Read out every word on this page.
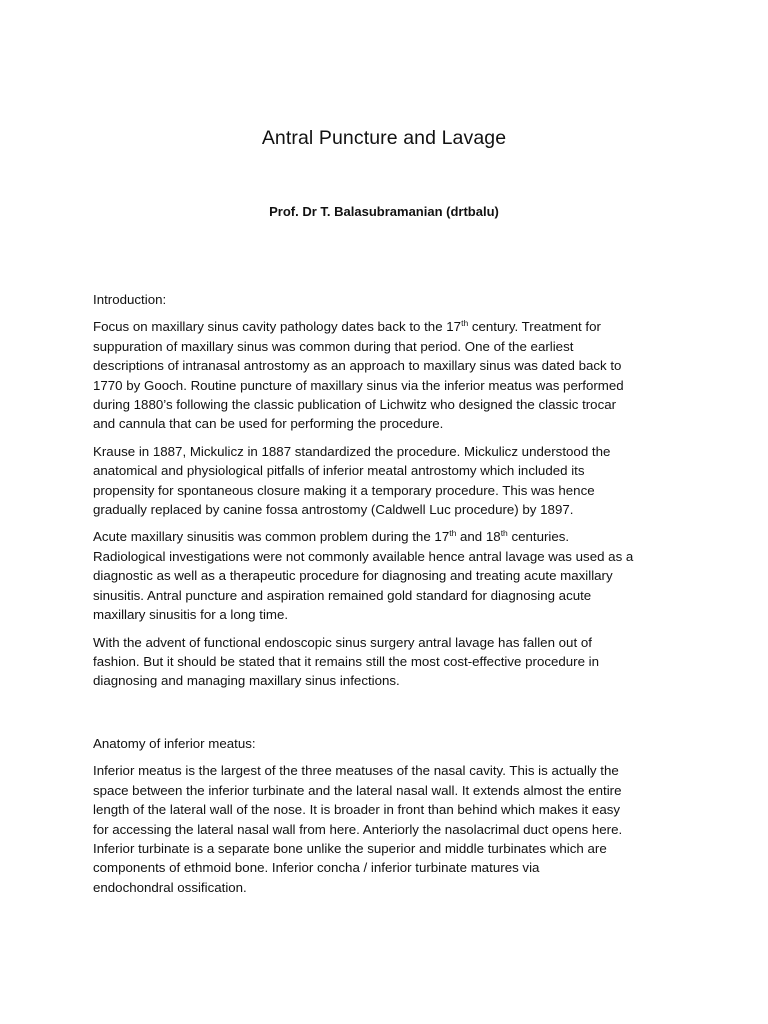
Antral Puncture and Lavage
Prof. Dr T. Balasubramanian (drtbalu)

Introduction:

Focus on maxillary sinus cavity pathology dates back to the 17th century. Treatment for
suppuration of maxillary sinus was common during that period. One of the earliest
descriptions of intranasal antrostomy as an approach to maxillary sinus was dated back to
1770 by Gooch. Routine puncture of maxillary sinus via the inferior meatus was performed
during 1880’s following the classic publication of Lichwitz who designed the classic trocar
and cannula that can be used for performing the procedure.

Krause in 1887, Mickulicz in 1887 standardized the procedure. Mickulicz understood the
anatomical and physiological pitfalls of inferior meatal antrostomy which included its
propensity for spontaneous closure making it a temporary procedure. This was hence
gradually replaced by canine fossa antrostomy (Caldwell Luc procedure) by 1897.

Acute maxillary sinusitis was common problem during the 17th and 18th centuries.
Radiological investigations were not commonly available hence antral lavage was used as a
diagnostic as well as a therapeutic procedure for diagnosing and treating acute maxillary
sinusitis. Antral puncture and aspiration remained gold standard for diagnosing acute
maxillary sinusitis for a long time.

With the advent of functional endoscopic sinus surgery antral lavage has fallen out of
fashion. But it should be stated that it remains still the most cost-effective procedure in
diagnosing and managing maxillary sinus infections.

Anatomy of inferior meatus:

Inferior meatus is the largest of the three meatuses of the nasal cavity. This is actually the
space between the inferior turbinate and the lateral nasal wall. It extends almost the entire
length of the lateral wall of the nose. It is broader in front than behind which makes it easy
for accessing the lateral nasal wall from here. Anteriorly the nasolacrimal duct opens here.
Inferior turbinate is a separate bone unlike the superior and middle turbinates which are
components of ethmoid bone. Inferior concha / inferior turbinate matures via
endochondral ossification.
